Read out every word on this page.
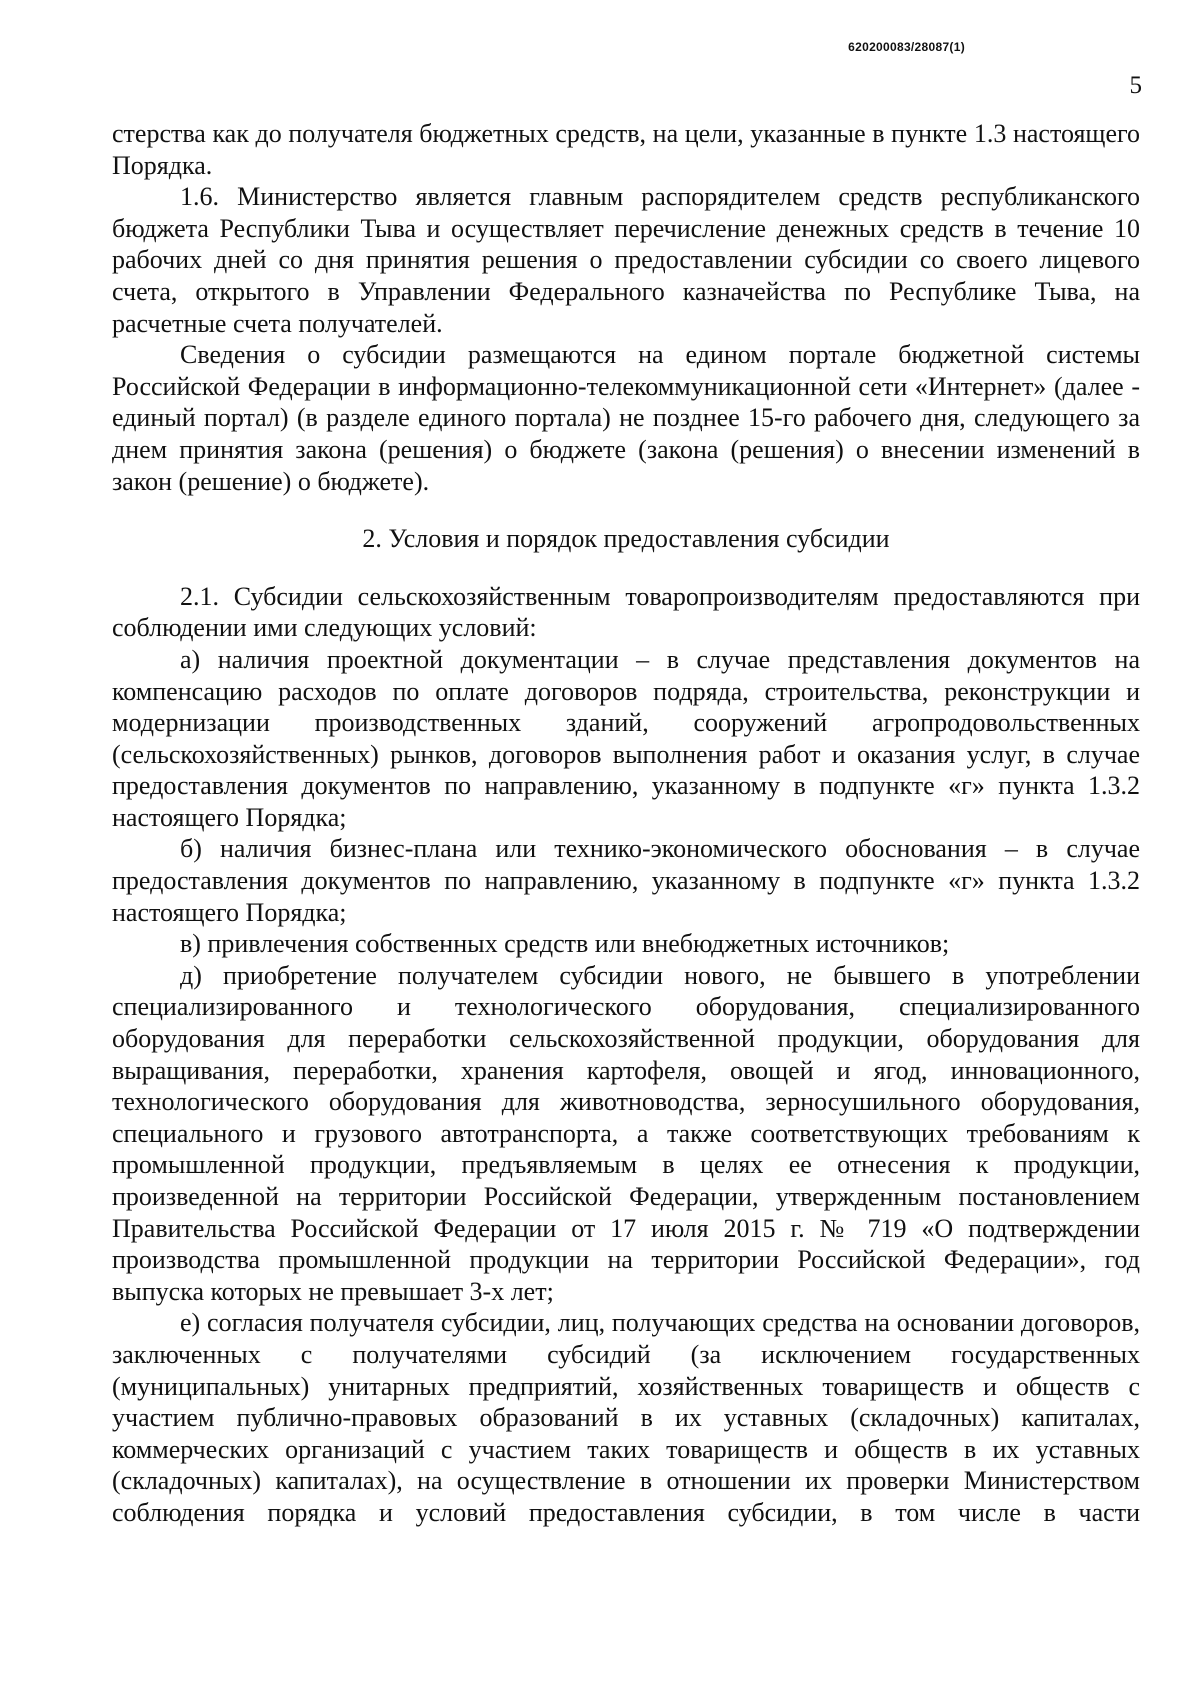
620200083/28087(1)
5

стерства как до получателя бюджетных средств, на цели, указанные в пункте 1.3 настоящего Порядка.

1.6. Министерство является главным распорядителем средств республиканского бюджета Республики Тыва и осуществляет перечисление денежных средств в течение 10 рабочих дней со дня принятия решения о предоставлении субсидии со своего лицевого счета, открытого в Управлении Федерального казначейства по Республике Тыва, на расчетные счета получателей.

Сведения о субсидии размещаются на едином портале бюджетной системы Российской Федерации в информационно-телекоммуникационной сети «Интернет» (далее - единый портал) (в разделе единого портала) не позднее 15-го рабочего дня, следующего за днем принятия закона (решения) о бюджете (закона (решения) о внесении изменений в закон (решение) о бюджете).

2. Условия и порядок предоставления субсидии

2.1. Субсидии сельскохозяйственным товаропроизводителям предоставляются при соблюдении ими следующих условий:

а) наличия проектной документации – в случае представления документов на компенсацию расходов по оплате договоров подряда, строительства, реконструкции и модернизации производственных зданий, сооружений агропродовольственных (сельскохозяйственных) рынков, договоров выполнения работ и оказания услуг, в случае предоставления документов по направлению, указанному в подпункте «г» пункта 1.3.2 настоящего Порядка;

б) наличия бизнес-плана или технико-экономического обоснования – в случае предоставления документов по направлению, указанному в подпункте «г» пункта 1.3.2 настоящего Порядка;

в) привлечения собственных средств или внебюджетных источников;

д) приобретение получателем субсидии нового, не бывшего в употреблении специализированного и технологического оборудования, специализированного оборудования для переработки сельскохозяйственной продукции, оборудования для выращивания, переработки, хранения картофеля, овощей и ягод, инновационного, технологического оборудования для животноводства, зерносушильного оборудования, специального и грузового автотранспорта, а также соответствующих требованиям к промышленной продукции, предъявляемым в целях ее отнесения к продукции, произведенной на территории Российской Федерации, утвержденным постановлением Правительства Российской Федерации от 17 июля 2015 г. № 719 «О подтверждении производства промышленной продукции на территории Российской Федерации», год выпуска которых не превышает 3-х лет;

е) согласия получателя субсидии, лиц, получающих средства на основании договоров, заключенных с получателями субсидий (за исключением государственных (муниципальных) унитарных предприятий, хозяйственных товариществ и обществ с участием публично-правовых образований в их уставных (складочных) капиталах, коммерческих организаций с участием таких товариществ и обществ в их уставных (складочных) капиталах), на осуществление в отношении их проверки Министерством соблюдения порядка и условий предоставления субсидии, в том числе в части
